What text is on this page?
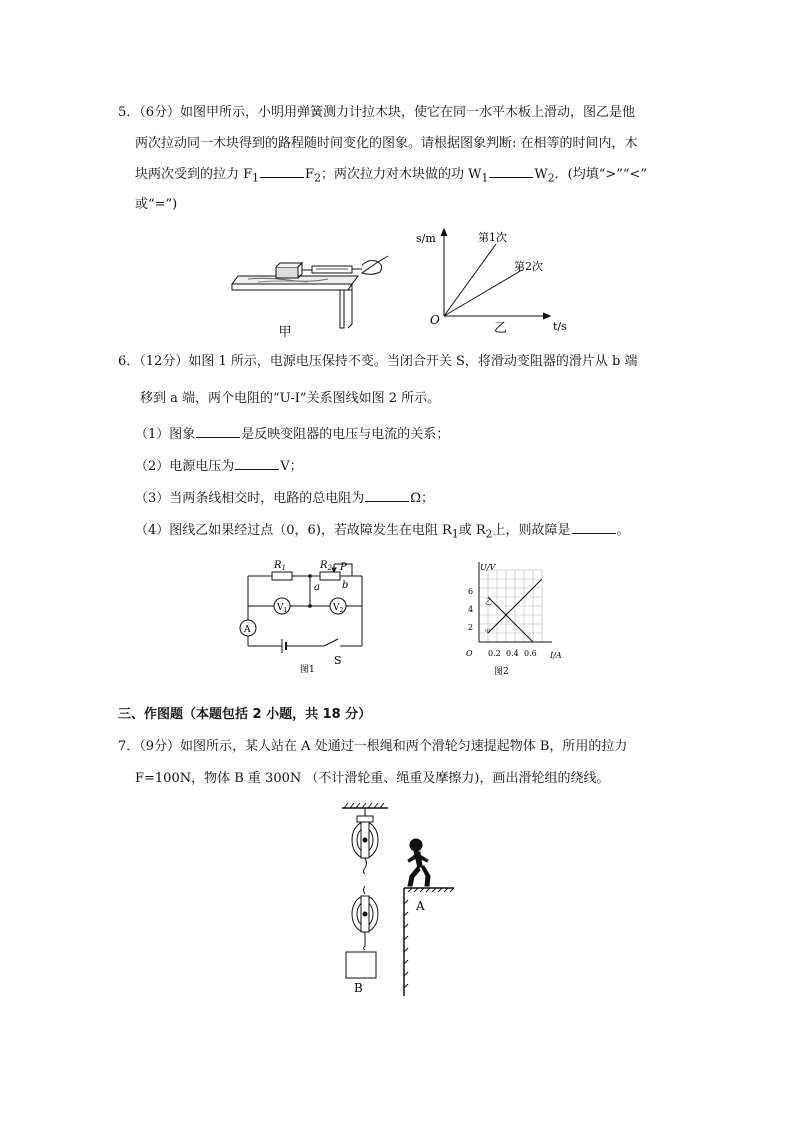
5．（6分）如图甲所示，小明用弹簧测力计拉木块，使它在同一水平木板上滑动，图乙是他
两次拉动同一木块得到的路程随时间变化的图象。请根据图象判断: 在相等的时间内，木
块两次受到的拉力 $F_1$	$F_2$；两次拉力对木块做的功 $W_1$	$W_2$．(均填“>”“<”
或“=”)
甲
s/m
t/s
O
第1次
第2次
乙
6．（12分）如图 1 所示，电源电压保持不变。当闭合开关 S，将滑动变阻器的滑片从 b 端
移到 a 端，两个电阻的“U-I”关系图线如图 2 所示。
（1）图象	是反映变阻器的电压与电流的关系；
（2）电源电压为	V；
（3）当两条线相交时，电路的总电阻为	Ω；
（4）图线乙如果经过点（0，6)，若故障发生在电阻 $R_1$或 $R_2$上，则故障是	。
$R_1$	$R_2$ P
a b
$V_1$	$V_2$
A
S
图1
U/V
I/A
O
2
4
6
0.2 0.4 0.6
乙
甲
图2
三、作图题（本题包括 2 小题，共 18 分）
7．（9分）如图所示，某人站在 A 处通过一根绳和两个滑轮匀速提起物体 B，所用的拉力
F=100N，物体 B 重 300N （不计滑轮重、绳重及摩擦力)，画出滑轮组的绕线。
A
B
